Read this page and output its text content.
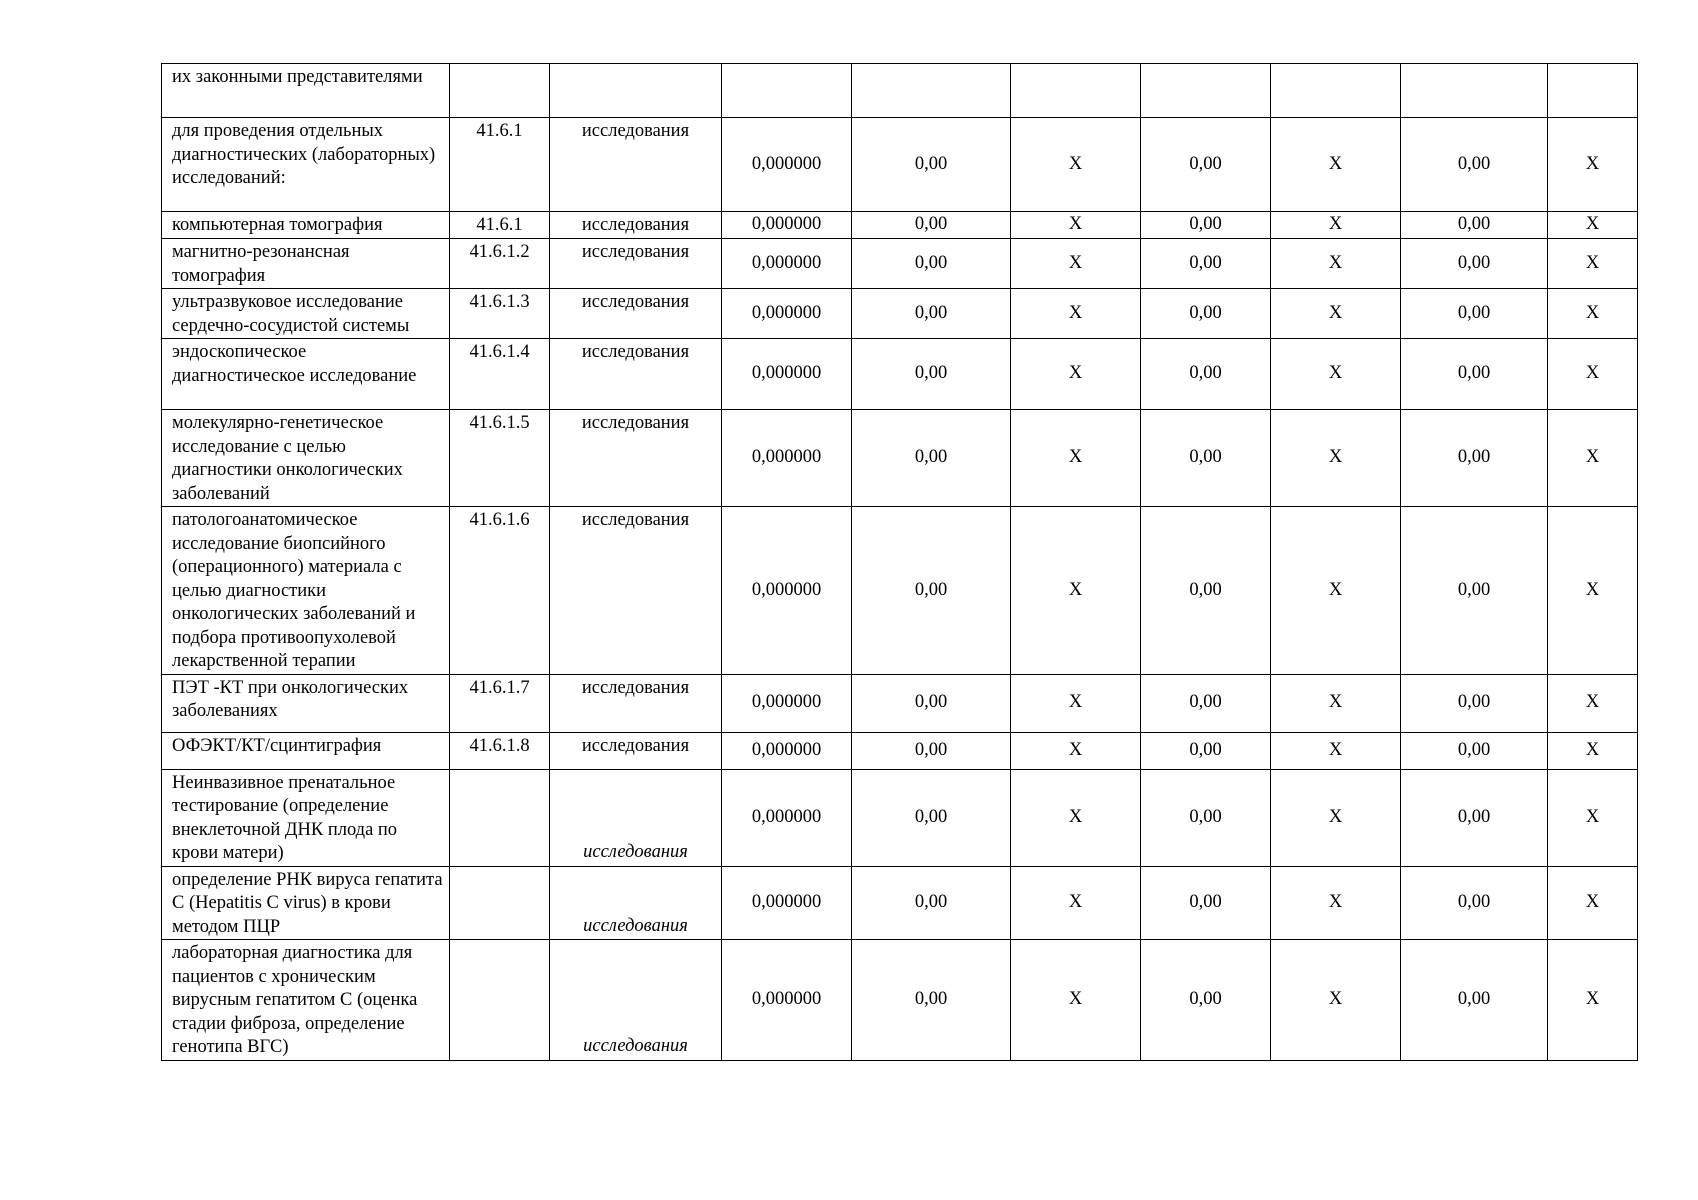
их законными представителями									
для проведения отдельных диагностических (лабораторных) исследований:	41.6.1	исследования	0,000000	0,00	X	0,00	X	0,00	X
компьютерная томография	41.6.1	исследования	0,000000	0,00	X	0,00	X	0,00	X
магнитно-резонансная томография	41.6.1.2	исследования	0,000000	0,00	X	0,00	X	0,00	X
ультразвуковое исследование сердечно-сосудистой системы	41.6.1.3	исследования	0,000000	0,00	X	0,00	X	0,00	X
эндоскопическое диагностическое исследование	41.6.1.4	исследования	0,000000	0,00	X	0,00	X	0,00	X
молекулярно-генетическое исследование с целью диагностики онкологических заболеваний	41.6.1.5	исследования	0,000000	0,00	X	0,00	X	0,00	X
патологоанатомическое исследование биопсийного (операционного) материала с целью диагностики онкологических заболеваний и подбора противоопухолевой лекарственной терапии	41.6.1.6	исследования	0,000000	0,00	X	0,00	X	0,00	X
ПЭТ -КТ при онкологических заболеваниях	41.6.1.7	исследования	0,000000	0,00	X	0,00	X	0,00	X
ОФЭКТ/КТ/сцинтиграфия	41.6.1.8	исследования	0,000000	0,00	X	0,00	X	0,00	X
Неинвазивное пренатальное тестирование (определение внеклеточной ДНК плода по крови матери)		исследования	0,000000	0,00	X	0,00	X	0,00	X
определение РНК вируса гепатита С (Hepatitis C virus) в крови методом ПЦР		исследования	0,000000	0,00	X	0,00	X	0,00	X
лабораторная диагностика для пациентов с хроническим вирусным гепатитом С (оценка стадии фиброза, определение генотипа ВГС)		исследования	0,000000	0,00	X	0,00	X	0,00	X
